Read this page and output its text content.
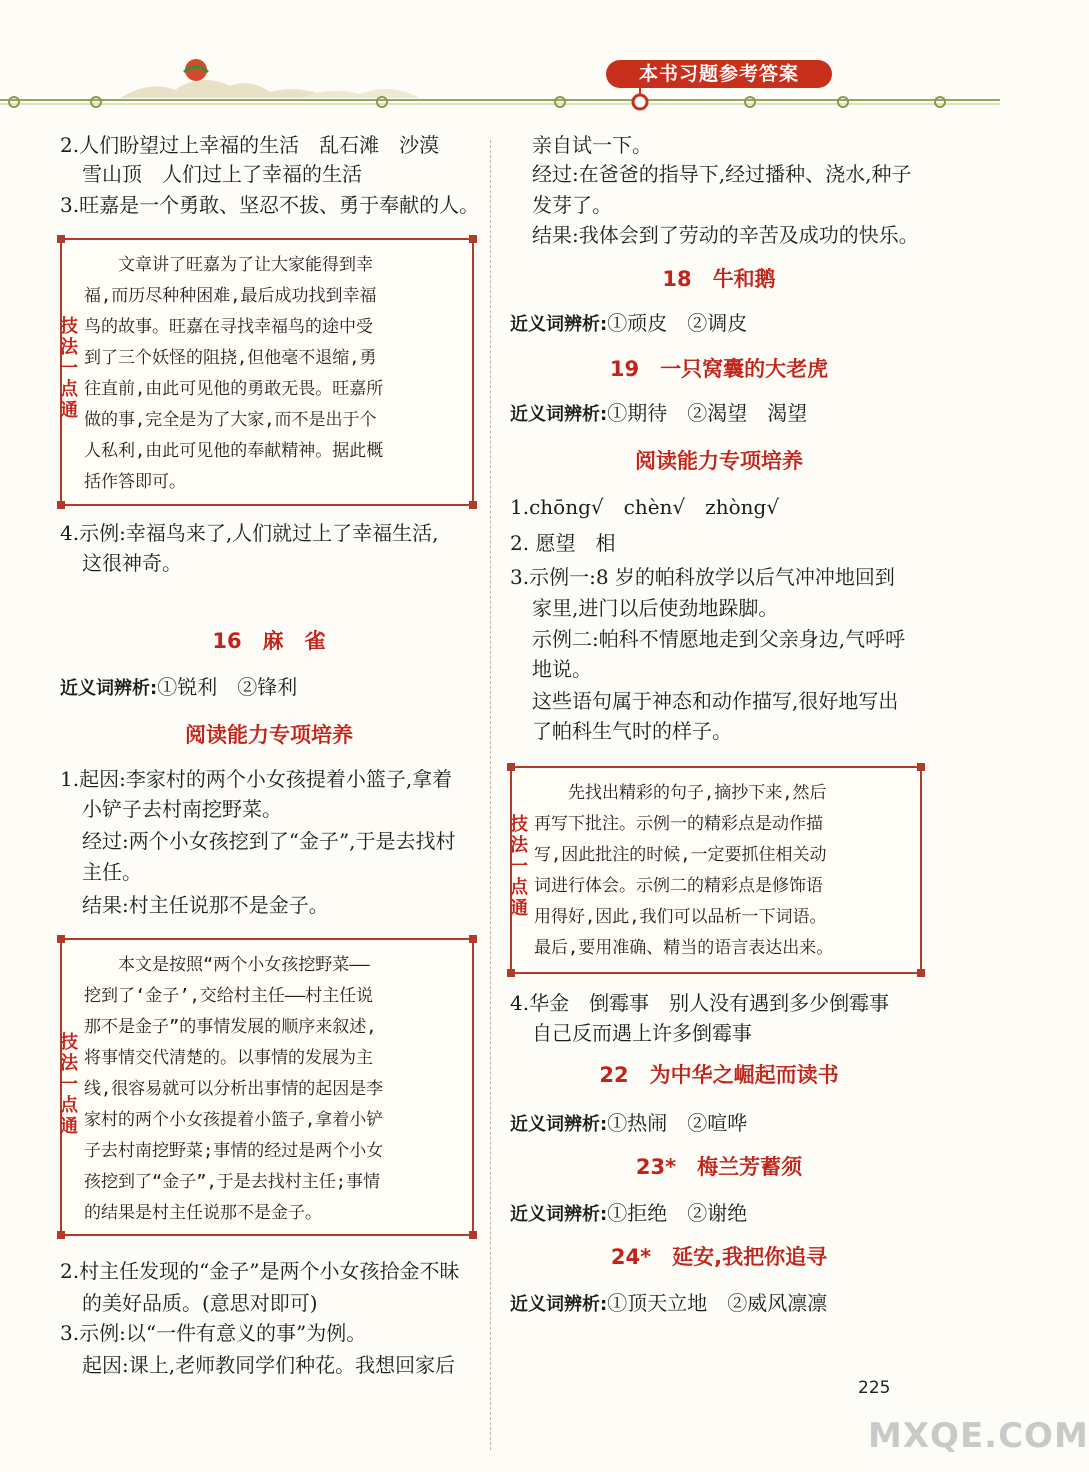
本书习题参考答案
2.人们盼望过上幸福的生活　乱石滩　沙漠
雪山顶　人们过上了幸福的生活
3.旺嘉是一个勇敢、坚忍不拔、勇于奉献的人。
技法一点通
　　文章讲了旺嘉为了让大家能得到幸
福,而历尽种种困难,最后成功找到幸福
鸟的故事。旺嘉在寻找幸福鸟的途中受
到了三个妖怪的阻挠,但他毫不退缩,勇
往直前,由此可见他的勇敢无畏。旺嘉所
做的事,完全是为了大家,而不是出于个
人私利,由此可见他的奉献精神。据此概
括作答即可。
4.示例:幸福鸟来了,人们就过上了幸福生活,
这很神奇。
16　麻　雀
近义词辨析:①锐利　②锋利
阅读能力专项培养
1.起因:李家村的两个小女孩提着小篮子,拿着
小铲子去村南挖野菜。
经过:两个小女孩挖到了“金子”,于是去找村
主任。
结果:村主任说那不是金子。
技法一点通
　　本文是按照“两个小女孩挖野菜——
挖到了‘金子’,交给村主任——村主任说
那不是金子”的事情发展的顺序来叙述,
将事情交代清楚的。以事情的发展为主
线,很容易就可以分析出事情的起因是李
家村的两个小女孩提着小篮子,拿着小铲
子去村南挖野菜;事情的经过是两个小女
孩挖到了“金子”,于是去找村主任;事情
的结果是村主任说那不是金子。
2.村主任发现的“金子”是两个小女孩拾金不昧
的美好品质。(意思对即可)
3.示例:以“一件有意义的事”为例。
起因:课上,老师教同学们种花。我想回家后
亲自试一下。
经过:在爸爸的指导下,经过播种、浇水,种子
发芽了。
结果:我体会到了劳动的辛苦及成功的快乐。
18　牛和鹅
近义词辨析:①顽皮　②调皮
19　一只窝囊的大老虎
近义词辨析:①期待　②渴望　渴望
阅读能力专项培养
1.chōng√　chèn√　zhòng√
2. 愿望　相
3.示例一:8 岁的帕科放学以后气冲冲地回到
家里,进门以后使劲地跺脚。
示例二:帕科不情愿地走到父亲身边,气呼呼
地说。
这些语句属于神态和动作描写,很好地写出
了帕科生气时的样子。
技法一点通
　　先找出精彩的句子,摘抄下来,然后
再写下批注。示例一的精彩点是动作描
写,因此批注的时候,一定要抓住相关动
词进行体会。示例二的精彩点是修饰语
用得好,因此,我们可以品析一下词语。
最后,要用准确、精当的语言表达出来。
4.华金　倒霉事　别人没有遇到多少倒霉事
自己反而遇上许多倒霉事
22　为中华之崛起而读书
近义词辨析:①热闹　②喧哗
23*　梅兰芳蓄须
近义词辨析:①拒绝　②谢绝
24*　延安,我把你追寻
近义词辨析:①顶天立地　②威风凛凛
225
MXQE.COM
